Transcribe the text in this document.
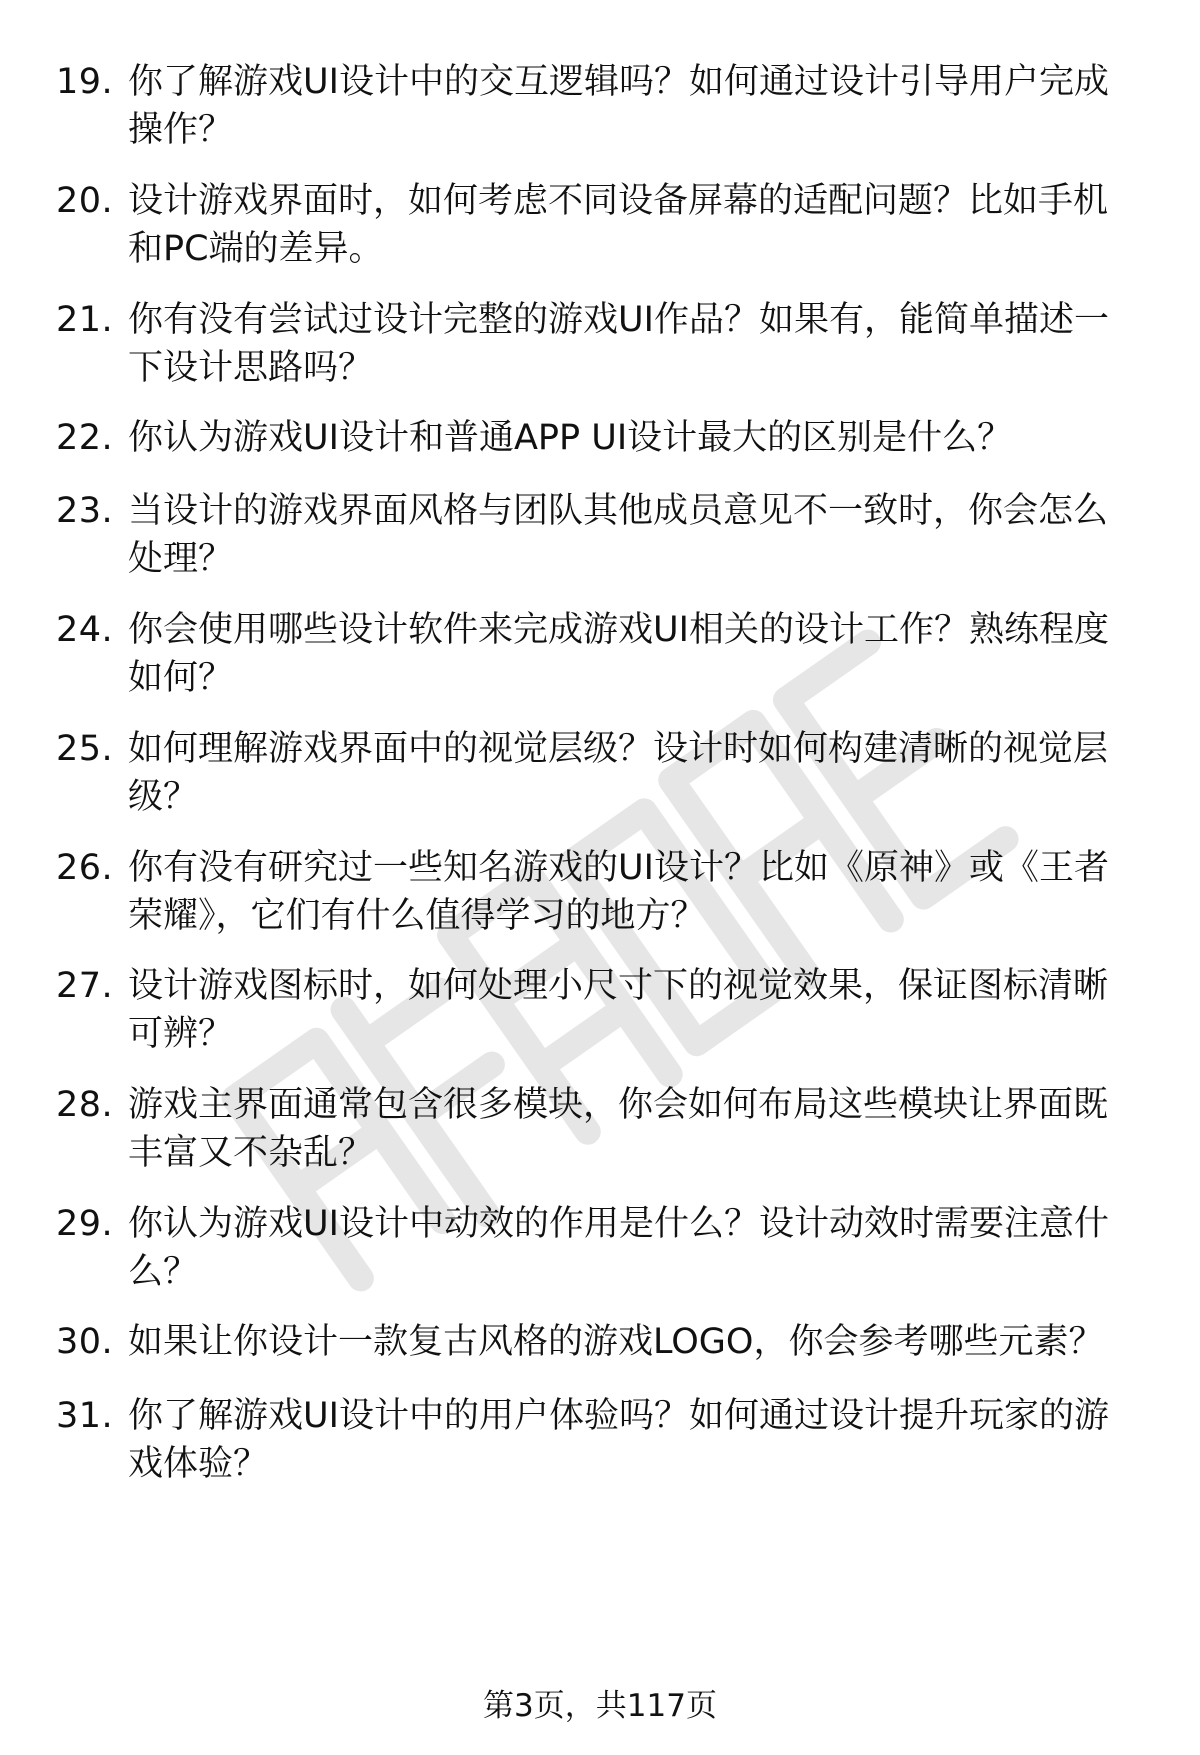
19. 你了解游戏UI设计中的交互逻辑吗？如何通过设计引导用户完成
操作？

20. 设计游戏界面时，如何考虑不同设备屏幕的适配问题？比如手机
和PC端的差异。

21. 你有没有尝试过设计完整的游戏UI作品？如果有，能简单描述一
下设计思路吗？

22. 你认为游戏UI设计和普通APP UI设计最大的区别是什么？

23. 当设计的游戏界面风格与团队其他成员意见不一致时，你会怎么
处理？

24. 你会使用哪些设计软件来完成游戏UI相关的设计工作？熟练程度
如何？

25. 如何理解游戏界面中的视觉层级？设计时如何构建清晰的视觉层
级？

26. 你有没有研究过一些知名游戏的UI设计？比如《原神》或《王者
荣耀》，它们有什么值得学习的地方？

27. 设计游戏图标时，如何处理小尺寸下的视觉效果，保证图标清晰
可辨？

28. 游戏主界面通常包含很多模块，你会如何布局这些模块让界面既
丰富又不杂乱？

29. 你认为游戏UI设计中动效的作用是什么？设计动效时需要注意什
么？

30. 如果让你设计一款复古风格的游戏LOGO，你会参考哪些元素？

31. 你了解游戏UI设计中的用户体验吗？如何通过设计提升玩家的游
戏体验？

第3页，共117页
